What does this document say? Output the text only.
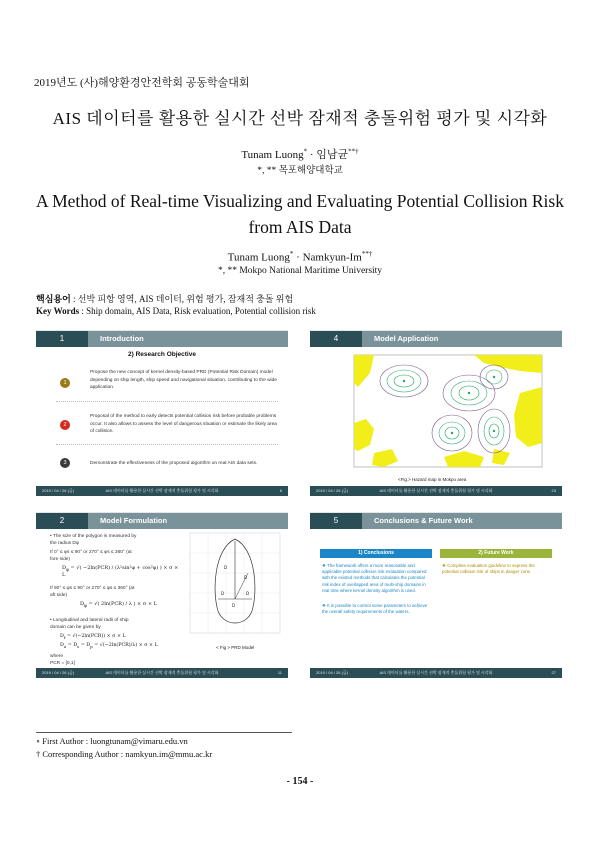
2019년도 (사)해양환경안전학회 공동학술대회
AIS 데이터를 활용한 실시간 선박 잠재적 충돌위험 평가 및 시각화
Tunam Luong* · 임남균**†
*, ** 목포해양대학교
A Method of Real-time Visualizing and Evaluating Potential Collision Risk
from AIS Data
Tunam Luong* · Namkyun-Im**†
*, ** Mokpo National Maritime University
핵심용어 : 선박 피항 영역, AIS 데이터, 위험 평가, 잠재적 충돌 위험
Key Words : Ship domain, AIS Data, Risk evaluation, Potential collision risk
1	Introduction
2) Research Objective
1
Propose the new concept of kernel density-based PRD (Potential Risk Domain) model depending on ship length, ship speed and navigational situation, contributing to the wide application.
2
Proposal of the method to early detects potential collision risk before probable problems occur. It also allows to assess the level of dangerous situation or estimate the likely area of collision.
3	Demonstrate the effectiveness of the proposed algorithm on real AIS data sets.
2019 / 04 / 26 (금)	AIS 데이터를 활용한 실시간 선박 잠재적 충돌위험 평가 및 시각화	6
4	Model Application
<Fig.> Hazard map in Mokpo area
2019 / 04 / 26 (금)	AIS 데이터를 활용한 실시간 선박 잠재적 충돌위험 평가 및 시각화	23
2	Model Formulation
• The size of the polygon is measured by
the radius Dφ
If 0° ≤ φs ≤ 90° or 270° ≤ φs ≤ 360° (at
fore side)
$D_\varphi$ = √( −2ln(PCR) / (λ²sin²φ + cos²φ) ) × σ × L
If 90° ≤ φs ≤ 90° or 270° ≤ φs ≤ 360° (at
aft side)
$D_\varphi$ = √( 2ln(PCR) / λ ) × σ × L
• Longitudinal and lateral radii of ship
domain can be given by
$D_f = √(-2\ln(PCR)) \times \sigma \times L$
$D_a = D_s = D_p = √(-2\ln(PCR)/\lambda) \times \sigma \times L$
where
PCR = [0,1]
D
D
D	D
D
< Fig > PRD Model
2019 / 04 / 26 (금)	AIS 데이터를 활용한 실시간 선박 잠재적 충돌위험 평가 및 시각화	11
5	Conclusions & Future Work
1) Conclusions	2) Future Work
❖ The framework offers a more reasonable and applicable potential collision risk evaluation compared with the existed methods that calculates the potential risk index of overlapped area of multi-ship domains in real time where kernel density algorithm is used.
❖ It is possible to control some parameters to achieve the overall safety requirements of the waters.
❖ Complete evaluation guideline to express the potential collision risk of ships in danger zone.
2019 / 04 / 26 (금)	AIS 데이터를 활용한 실시간 선박 잠재적 충돌위험 평가 및 시각화	27
∘ First Author : luongtunam@vimaru.edu.vn
† Corresponding Author : namkyun.im@mmu.ac.kr
- 154 -
